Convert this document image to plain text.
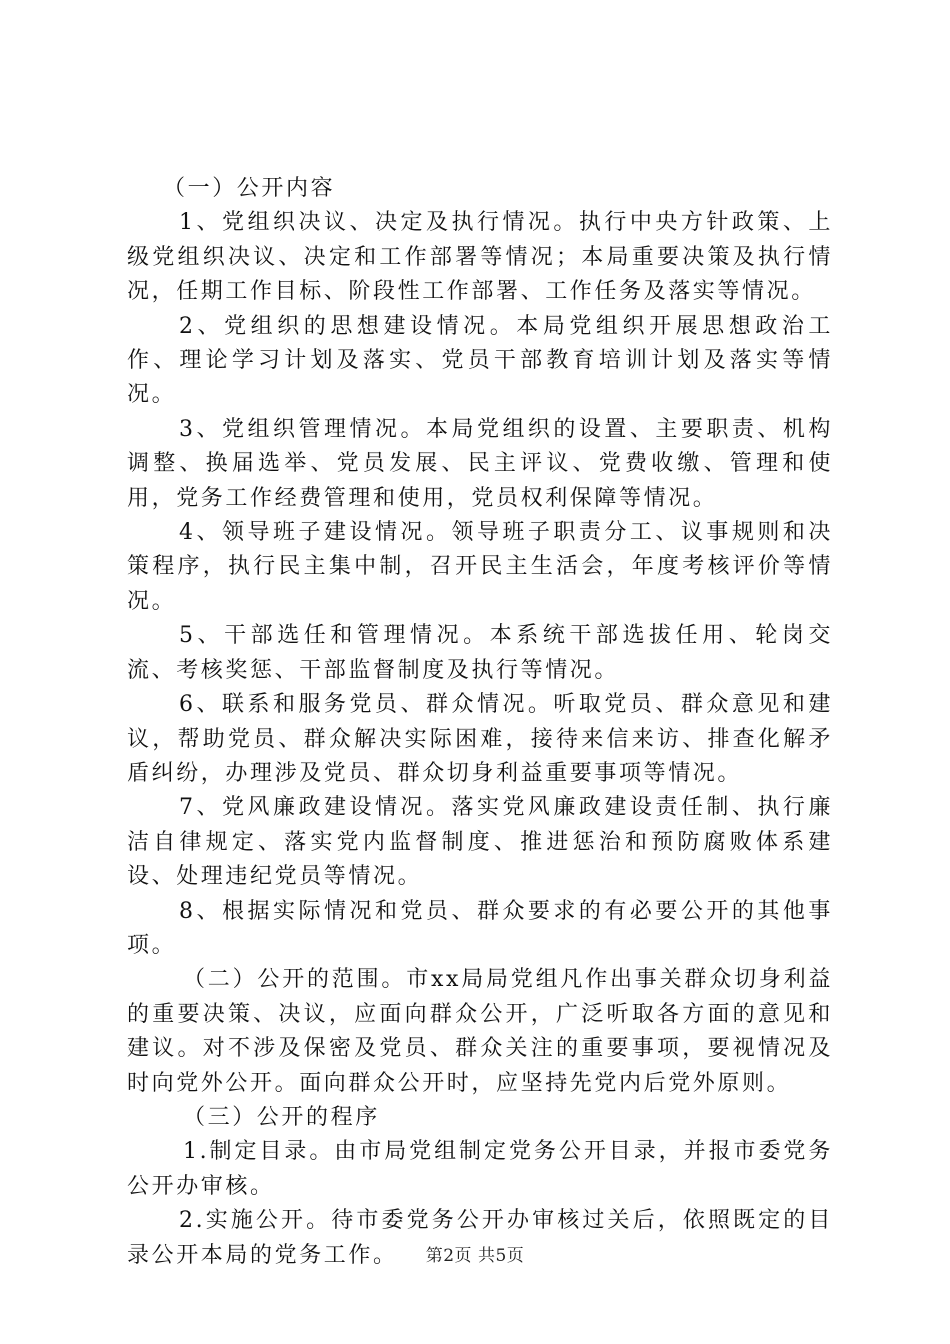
（一）公开内容

1、党组织决议、决定及执行情况。执行中央方针政策、上级党组织决议、决定和工作部署等情况；本局重要决策及执行情况，任期工作目标、阶段性工作部署、工作任务及落实等情况。

2、党组织的思想建设情况。本局党组织开展思想政治工作、理论学习计划及落实、党员干部教育培训计划及落实等情况。

3、党组织管理情况。本局党组织的设置、主要职责、机构调整、换届选举、党员发展、民主评议、党费收缴、管理和使用，党务工作经费管理和使用，党员权利保障等情况。

4、领导班子建设情况。领导班子职责分工、议事规则和决策程序，执行民主集中制，召开民主生活会，年度考核评价等情况。

5、干部选任和管理情况。本系统干部选拔任用、轮岗交流、考核奖惩、干部监督制度及执行等情况。

6、联系和服务党员、群众情况。听取党员、群众意见和建议，帮助党员、群众解决实际困难，接待来信来访、排查化解矛盾纠纷，办理涉及党员、群众切身利益重要事项等情况。

7、党风廉政建设情况。落实党风廉政建设责任制、执行廉洁自律规定、落实党内监督制度、推进惩治和预防腐败体系建设、处理违纪党员等情况。

8、根据实际情况和党员、群众要求的有必要公开的其他事项。

（二）公开的范围。市xx局局党组凡作出事关群众切身利益的重要决策、决议，应面向群众公开，广泛听取各方面的意见和建议。对不涉及保密及党员、群众关注的重要事项，要视情况及时向党外公开。面向群众公开时，应坚持先党内后党外原则。

（三）公开的程序

1.制定目录。由市局党组制定党务公开目录，并报市委党务公开办审核。

2.实施公开。待市委党务公开办审核过关后，依照既定的目录公开本局的党务工作。	第2页 共5页
